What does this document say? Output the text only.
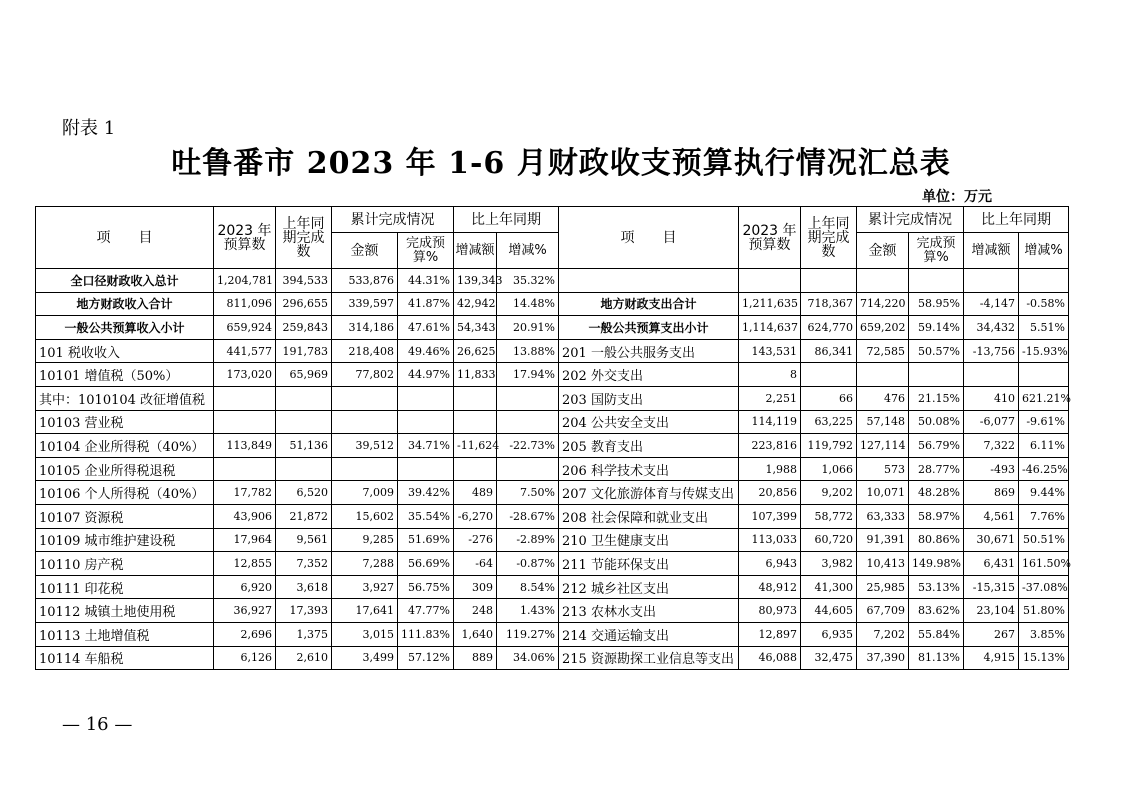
附表 1
吐鲁番市 2023 年 1-6 月财政收支预算执行情况汇总表
单位：万元
项　　目	2023 年预算数	上年同期完成数	累计完成情况		比上年同期		项　　目	2023 年预算数	上年同期完成数	累计完成情况		比上年同期	
			金额	完成预算%	增减额	增减%				金额	完成预算%	增减额	增减%
全口径财政收入总计	1,204,781	394,533	533,876	44.31%	139,343	35.32%							
地方财政收入合计	811,096	296,655	339,597	41.87%	42,942	14.48%	地方财政支出合计	1,211,635	718,367	714,220	58.95%	-4,147	-0.58%
一般公共预算收入小计	659,924	259,843	314,186	47.61%	54,343	20.91%	一般公共预算支出小计	1,114,637	624,770	659,202	59.14%	34,432	5.51%
101 税收收入	441,577	191,783	218,408	49.46%	26,625	13.88%	201 一般公共服务支出	143,531	86,341	72,585	50.57%	-13,756	-15.93%
10101 增值税（50%）	173,020	65,969	77,802	44.97%	11,833	17.94%	202 外交支出	8					
其中：1010104 改征增值税							203 国防支出	2,251	66	476	21.15%	410	621.21%
10103 营业税							204 公共安全支出	114,119	63,225	57,148	50.08%	-6,077	-9.61%
10104 企业所得税（40%）	113,849	51,136	39,512	34.71%	-11,624	-22.73%	205 教育支出	223,816	119,792	127,114	56.79%	7,322	6.11%
10105 企业所得税退税							206 科学技术支出	1,988	1,066	573	28.77%	-493	-46.25%
10106 个人所得税（40%）	17,782	6,520	7,009	39.42%	489	7.50%	207 文化旅游体育与传媒支出	20,856	9,202	10,071	48.28%	869	9.44%
10107 资源税	43,906	21,872	15,602	35.54%	-6,270	-28.67%	208 社会保障和就业支出	107,399	58,772	63,333	58.97%	4,561	7.76%
10109 城市维护建设税	17,964	9,561	9,285	51.69%	-276	-2.89%	210 卫生健康支出	113,033	60,720	91,391	80.86%	30,671	50.51%
10110 房产税	12,855	7,352	7,288	56.69%	-64	-0.87%	211 节能环保支出	6,943	3,982	10,413	149.98%	6,431	161.50%
10111 印花税	6,920	3,618	3,927	56.75%	309	8.54%	212 城乡社区支出	48,912	41,300	25,985	53.13%	-15,315	-37.08%
10112 城镇土地使用税	36,927	17,393	17,641	47.77%	248	1.43%	213 农林水支出	80,973	44,605	67,709	83.62%	23,104	51.80%
10113 土地增值税	2,696	1,375	3,015	111.83%	1,640	119.27%	214 交通运输支出	12,897	6,935	7,202	55.84%	267	3.85%
10114 车船税	6,126	2,610	3,499	57.12%	889	34.06%	215 资源勘探工业信息等支出	46,088	32,475	37,390	81.13%	4,915	15.13%
— 16 —
